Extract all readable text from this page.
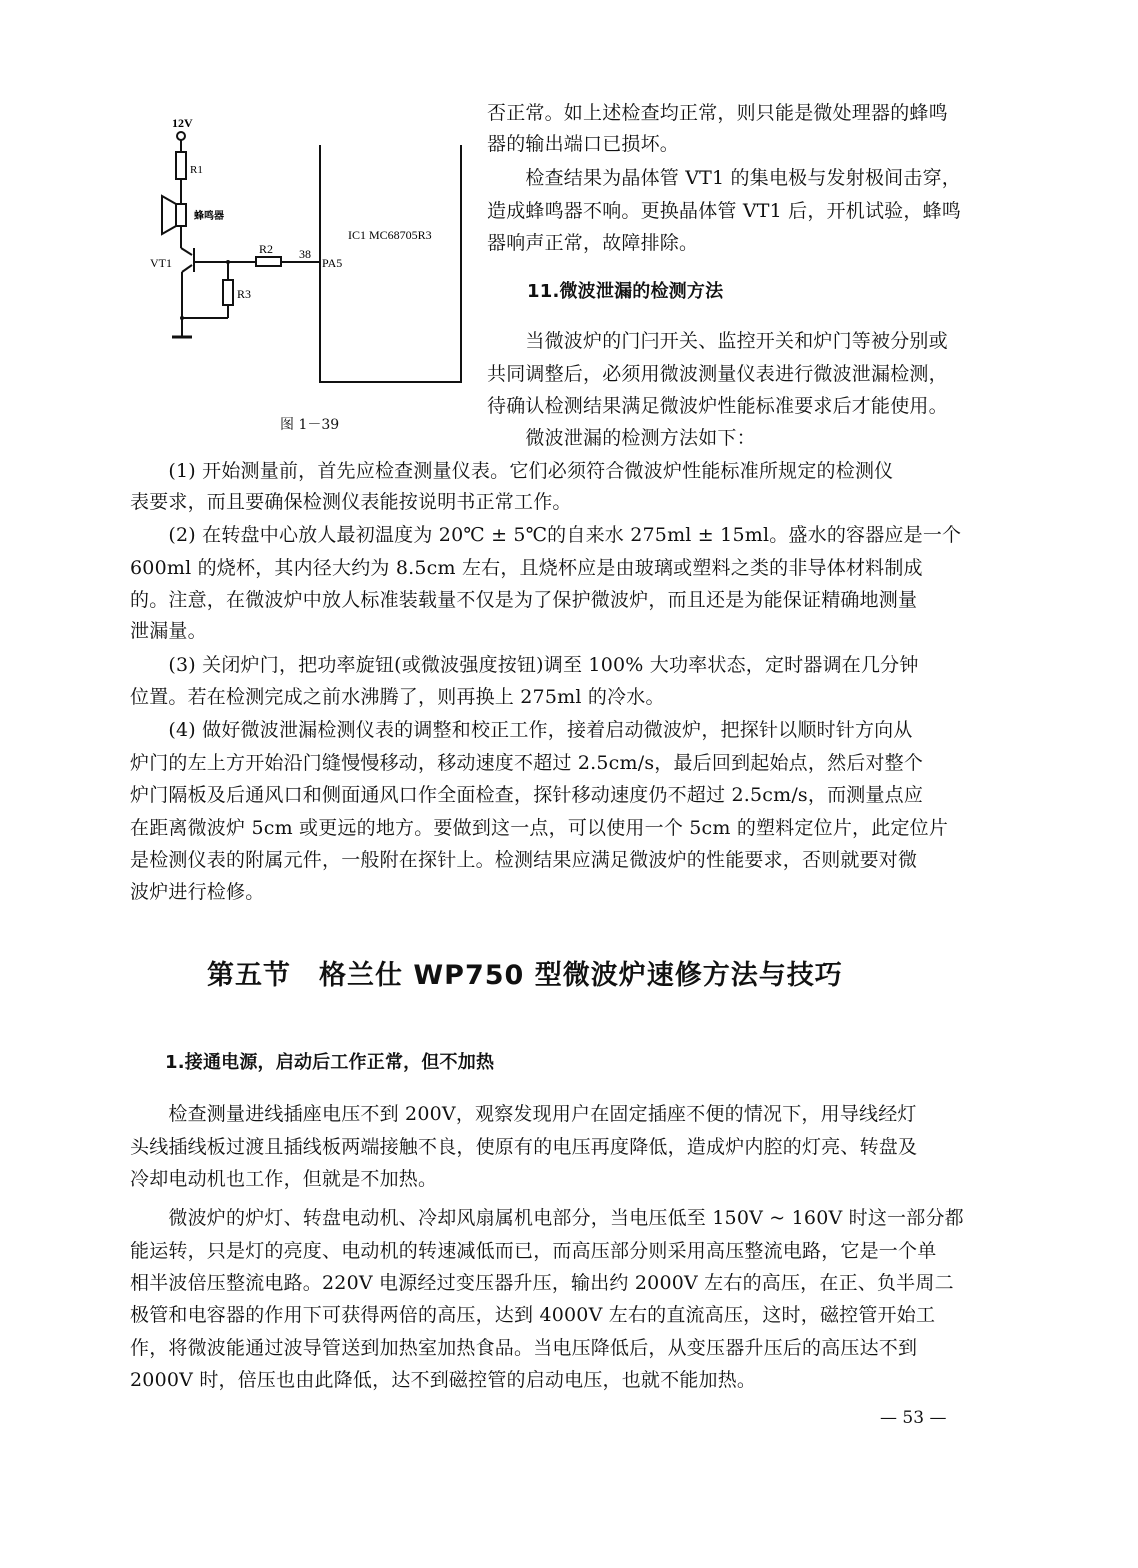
12V
R1
蜂鸣器
VT1
R2
R3
38
PA5
IC1 MC68705R3
图 1－39
否正常。如上述检查均正常，则只能是微处理器的蜂鸣
器的输出端口已损坏。
　　检查结果为晶体管 VT1 的集电极与发射极间击穿，
造成蜂鸣器不响。更换晶体管 VT1 后，开机试验，蜂鸣
器响声正常，故障排除。
11.微波泄漏的检测方法
　　当微波炉的门闩开关、监控开关和炉门等被分别或
共同调整后，必须用微波测量仪表进行微波泄漏检测，
待确认检测结果满足微波炉性能标准要求后才能使用。
　　微波泄漏的检测方法如下：
　　(1) 开始测量前，首先应检查测量仪表。它们必须符合微波炉性能标准所规定的检测仪
表要求，而且要确保检测仪表能按说明书正常工作。
　　(2) 在转盘中心放人最初温度为 20℃ ± 5℃的自来水 275ml ± 15ml。盛水的容器应是一个
600ml 的烧杯，其内径大约为 8.5cm 左右，且烧杯应是由玻璃或塑料之类的非导体材料制成
的。注意，在微波炉中放人标准装载量不仅是为了保护微波炉，而且还是为能保证精确地测量
泄漏量。
　　(3) 关闭炉门，把功率旋钮(或微波强度按钮)调至 100% 大功率状态，定时器调在几分钟
位置。若在检测完成之前水沸腾了，则再换上 275ml 的冷水。
　　(4) 做好微波泄漏检测仪表的调整和校正工作，接着启动微波炉，把探针以顺时针方向从
炉门的左上方开始沿门缝慢慢移动，移动速度不超过 2.5cm/s，最后回到起始点，然后对整个
炉门隔板及后通风口和侧面通风口作全面检查，探针移动速度仍不超过 2.5cm/s，而测量点应
在距离微波炉 5cm 或更远的地方。要做到这一点，可以使用一个 5cm 的塑料定位片，此定位片
是检测仪表的附属元件，一般附在探针上。检测结果应满足微波炉的性能要求，否则就要对微
波炉进行检修。
第五节　格兰仕 WP750 型微波炉速修方法与技巧
1.接通电源，启动后工作正常，但不加热
　　检查测量进线插座电压不到 200V，观察发现用户在固定插座不便的情况下，用导线经灯
头线插线板过渡且插线板两端接触不良，使原有的电压再度降低，造成炉内腔的灯亮、转盘及
冷却电动机也工作，但就是不加热。
　　微波炉的炉灯、转盘电动机、冷却风扇属机电部分，当电压低至 150V ~ 160V 时这一部分都
能运转，只是灯的亮度、电动机的转速减低而已，而高压部分则采用高压整流电路，它是一个单
相半波倍压整流电路。220V 电源经过变压器升压，输出约 2000V 左右的高压，在正、负半周二
极管和电容器的作用下可获得两倍的高压，达到 4000V 左右的直流高压，这时，磁控管开始工
作，将微波能通过波导管送到加热室加热食品。当电压降低后，从变压器升压后的高压达不到
2000V 时，倍压也由此降低，达不到磁控管的启动电压，也就不能加热。
— 53 —
